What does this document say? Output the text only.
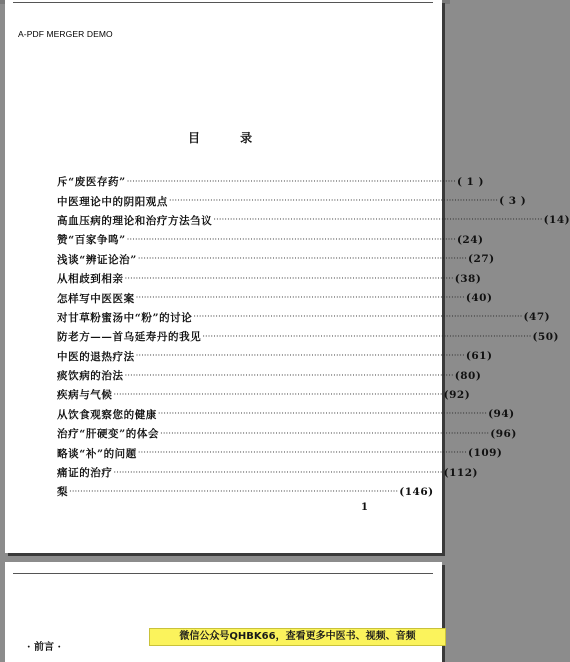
A-PDF MERGER DEMO
目 录
斥“废医存药” ························································································································ ( 1 )
中医理论中的阴阳观点 ························································································································ ( 3 )
高血压病的理论和治疗方法刍议 ························································································································ (14)
赞“百家争鸣” ························································································································ (24)
浅谈“辨证论治” ························································································································ (27)
从相歧到相亲 ························································································································ (38)
怎样写中医医案 ························································································································ (40)
对甘草粉蜜汤中“粉”的讨论 ························································································································ (47)
防老方——首乌延寿丹的我见 ························································································································ (50)
中医的退热疗法 ························································································································ (61)
痰饮病的治法 ························································································································ (80)
疾病与气候 ························································································································ (92)
从饮食观察您的健康 ························································································································ (94)
治疗“肝硬变”的体会 ························································································································ (96)
略谈“补”的问题 ························································································································ (109)
痛证的治疗 ························································································································ (112)
梨 ························································································································ (146)
1
· 前言 ·
微信公众号QHBK66，查看更多中医书、视频、音频
